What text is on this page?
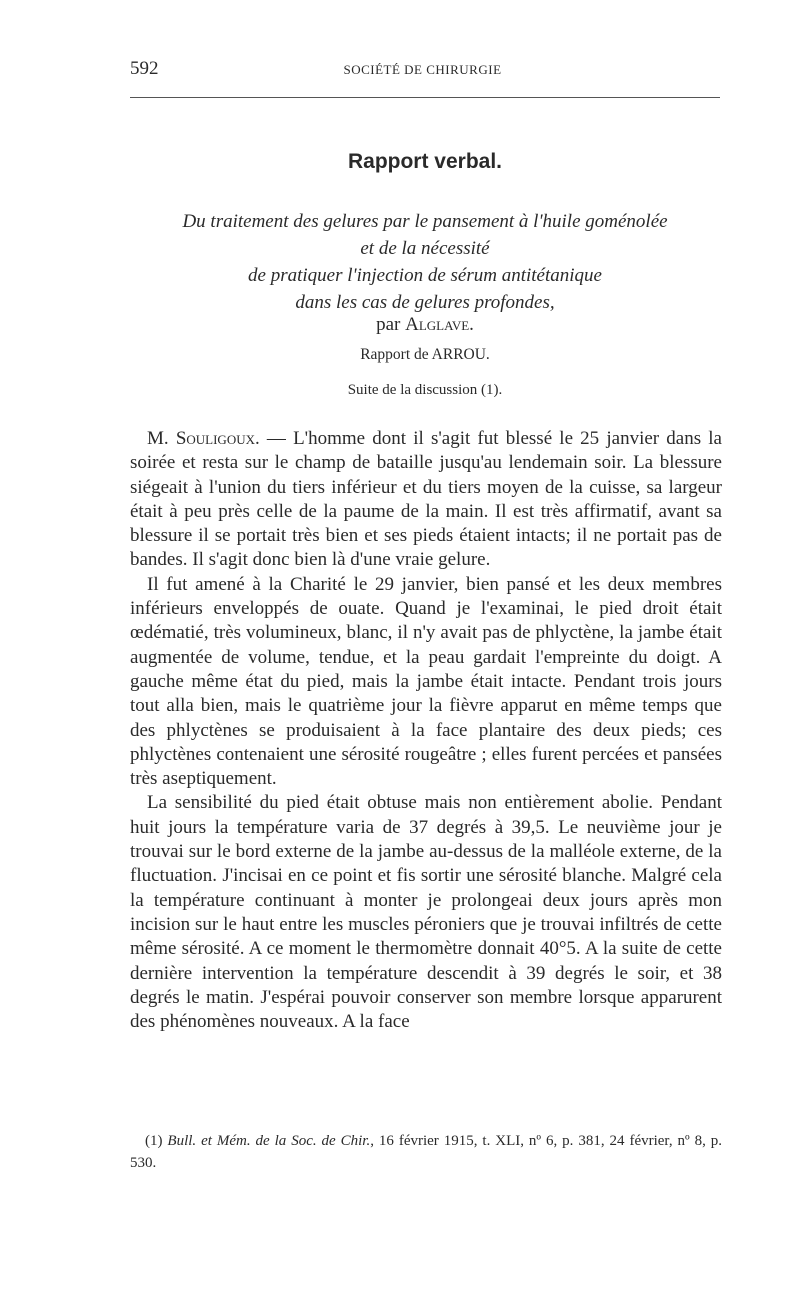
592	SOCIÉTÉ DE CHIRURGIE
Rapport verbal.
Du traitement des gelures par le pansement à l'huile goménolée
et de la nécessité
de pratiquer l'injection de sérum antitétanique
dans les cas de gelures profondes,
par Alglave.
Rapport de ARROU.
Suite de la discussion (1).

M. Souligoux. — L'homme dont il s'agit fut blessé le 25 janvier dans la soirée et resta sur le champ de bataille jusqu'au lendemain soir. La blessure siégeait à l'union du tiers inférieur et du tiers moyen de la cuisse, sa largeur était à peu près celle de la paume de la main. Il est très affirmatif, avant sa blessure il se portait très bien et ses pieds étaient intacts; il ne portait pas de bandes. Il s'agit donc bien là d'une vraie gelure.

Il fut amené à la Charité le 29 janvier, bien pansé et les deux membres inférieurs enveloppés de ouate. Quand je l'examinai, le pied droit était œdématié, très volumineux, blanc, il n'y avait pas de phlyctène, la jambe était augmentée de volume, tendue, et la peau gardait l'empreinte du doigt. A gauche même état du pied, mais la jambe était intacte. Pendant trois jours tout alla bien, mais le quatrième jour la fièvre apparut en même temps que des phlyctènes se produisaient à la face plantaire des deux pieds; ces phlyctènes contenaient une sérosité rougeâtre ; elles furent percées et pansées très aseptiquement.

La sensibilité du pied était obtuse mais non entièrement abolie. Pendant huit jours la température varia de 37 degrés à 39,5. Le neuvième jour je trouvai sur le bord externe de la jambe au-dessus de la malléole externe, de la fluctuation. J'incisai en ce point et fis sortir une sérosité blanche. Malgré cela la température continuant à monter je prolongeai deux jours après mon incision sur le haut entre les muscles péroniers que je trouvai infiltrés de cette même sérosité. A ce moment le thermomètre donnait 40°5. A la suite de cette dernière intervention la température descendit à 39 degrés le soir, et 38 degrés le matin. J'espérai pouvoir conserver son membre lorsque apparurent des phénomènes nouveaux. A la face

(1) Bull. et Mém. de la Soc. de Chir., 16 février 1915, t. XLI, nº 6, p. 381, 24 février, nº 8, p. 530.
